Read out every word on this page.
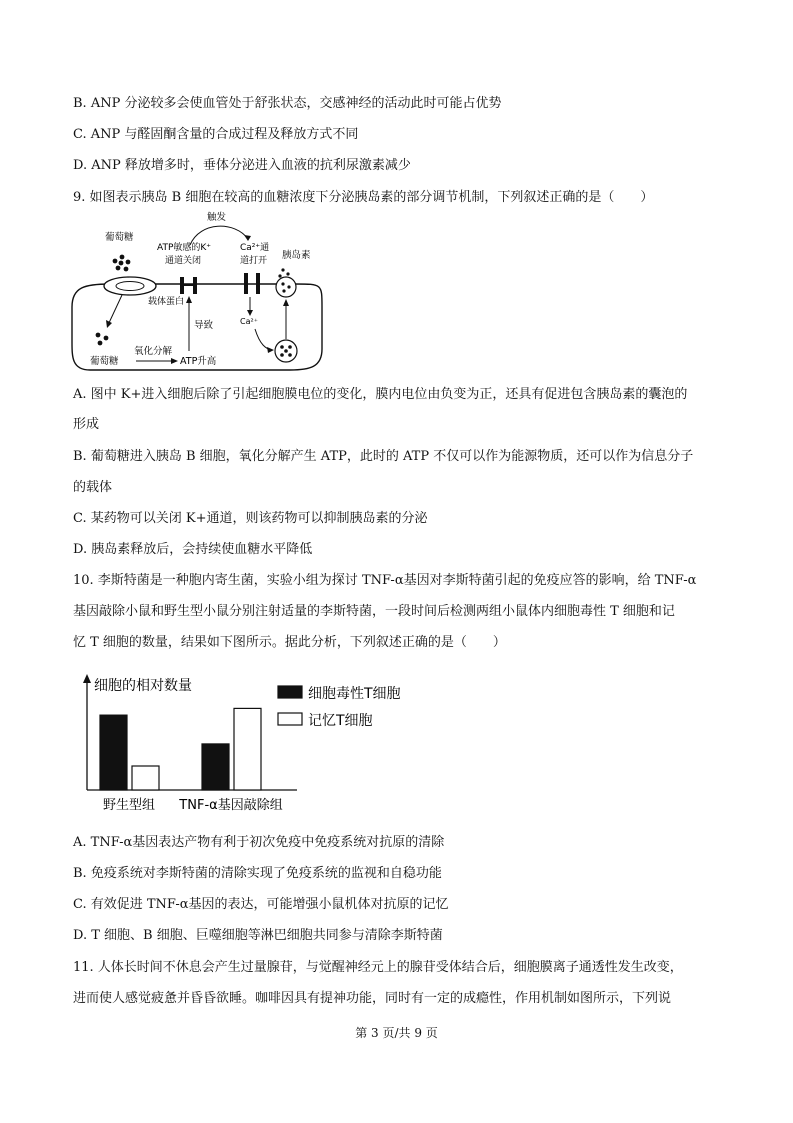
B. ANP 分泌较多会使血管处于舒张状态，交感神经的活动此时可能占优势
C. ANP 与醛固酮含量的合成过程及释放方式不同
D. ANP 释放增多时，垂体分泌进入血液的抗利尿激素减少
9. 如图表示胰岛 B 细胞在较高的血糖浓度下分泌胰岛素的部分调节机制，下列叙述正确的是（　　）
葡萄糖
ATP敏感的K⁺
通道关闭
Ca²⁺通
道打开
触发
胰岛素
Ca²⁺
载体蛋白
葡萄糖
氧化分解
ATP升高
导致
A. 图中 K+进入细胞后除了引起细胞膜电位的变化，膜内电位由负变为正，还具有促进包含胰岛素的囊泡的
形成
B. 葡萄糖进入胰岛 B 细胞，氧化分解产生 ATP，此时的 ATP 不仅可以作为能源物质，还可以作为信息分子
的载体
C. 某药物可以关闭 K+通道，则该药物可以抑制胰岛素的分泌
D. 胰岛素释放后，会持续使血糖水平降低
10. 李斯特菌是一种胞内寄生菌，实验小组为探讨 TNF-α基因对李斯特菌引起的免疫应答的影响，给 TNF-α
基因敲除小鼠和野生型小鼠分别注射适量的李斯特菌，一段时间后检测两组小鼠体内细胞毒性 T 细胞和记
忆 T 细胞的数量，结果如下图所示。据此分析，下列叙述正确的是（　　）
细胞的相对数量	细胞毒性T细胞
记忆T细胞
野生型组 TNF-α基因敲除组
A. TNF-α基因表达产物有利于初次免疫中免疫系统对抗原的清除
B. 免疫系统对李斯特菌的清除实现了免疫系统的监视和自稳功能
C. 有效促进 TNF-α基因的表达，可能增强小鼠机体对抗原的记忆
D. T 细胞、B 细胞、巨噬细胞等淋巴细胞共同参与清除李斯特菌
11. 人体长时间不休息会产生过量腺苷，与觉醒神经元上的腺苷受体结合后，细胞膜离子通透性发生改变，
进而使人感觉疲惫并昏昏欲睡。咖啡因具有提神功能，同时有一定的成瘾性，作用机制如图所示，下列说
第 3 页/共 9 页
